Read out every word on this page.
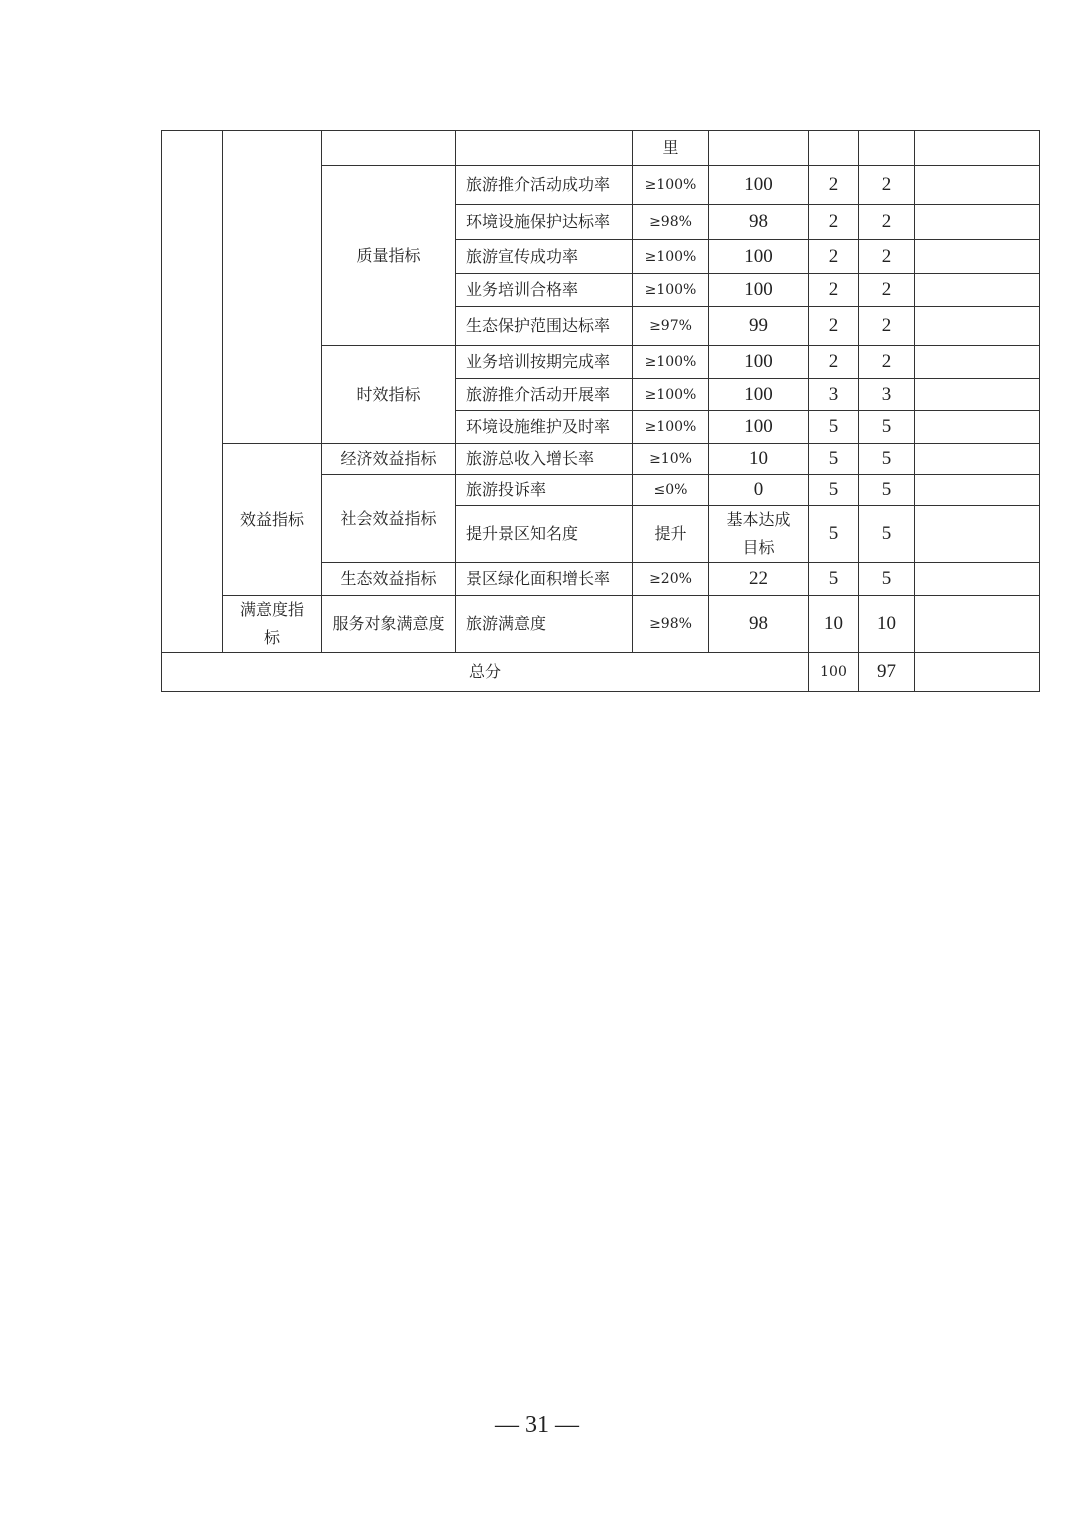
				里				
		质量指标	旅游推介活动成功率	≥100%	100	2	2	
			环境设施保护达标率	≥98%	98	2	2	
			旅游宣传成功率	≥100%	100	2	2	
			业务培训合格率	≥100%	100	2	2	
			生态保护范围达标率	≥97%	99	2	2	
		时效指标	业务培训按期完成率	≥100%	100	2	2	
			旅游推介活动开展率	≥100%	100	3	3	
			环境设施维护及时率	≥100%	100	5	5	
	效益指标	经济效益指标	旅游总收入增长率	≥10%	10	5	5	
		社会效益指标	旅游投诉率	≤0%	0	5	5	
			提升景区知名度	提升	基本达成目标	5	5	
		生态效益指标	景区绿化面积增长率	≥20%	22	5	5	
	满意度指标	服务对象满意度	旅游满意度	≥98%	98	10	10	
总分						100	97	
— 31 —
